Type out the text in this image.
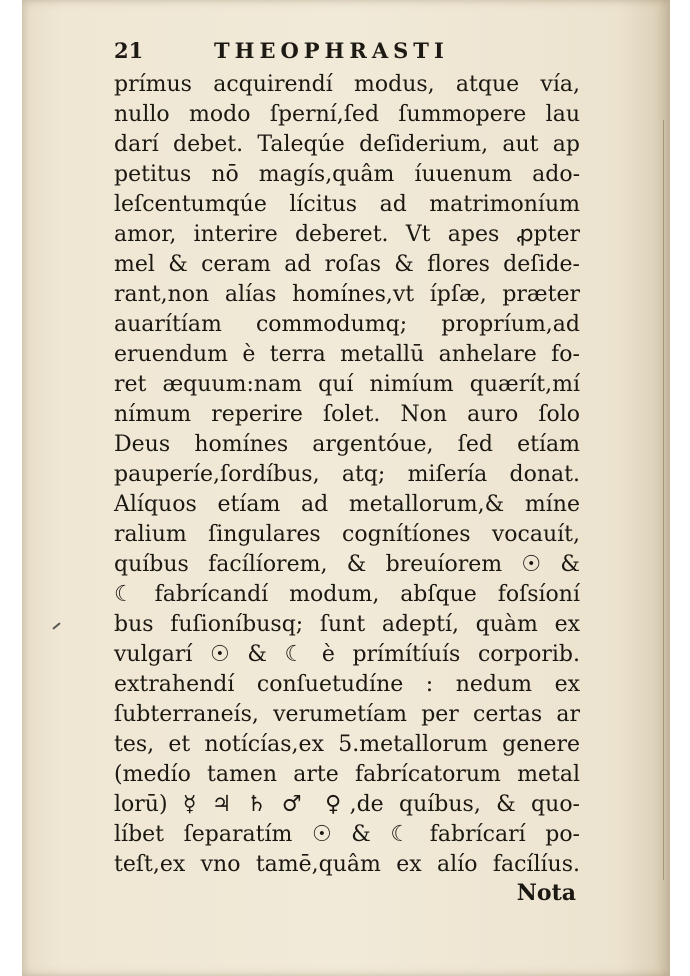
21	THEOPHRASTI
prímus acquirendí modus, atque vía,
nullo modo ſperní,ſed ſummopere lau
darí debet. Taleqúe deſiderium, aut ap
petitus nō magís,quâm íuuenum ado-
leſcentumqúe lícitus ad matrimoníum
amor, interire deberet. Vt apes ꝓpter
mel & ceram ad roſas & flores deſide-
rant,non alías homínes,vt ípſæ, præter
auarítíam commodumq; propríum,ad
eruendum è terra metallū anhelare fo-
ret æquum:nam quí nimíum quærít,mí
nímum reperire ſolet. Non auro ſolo
Deus homínes argentóue, ſed etíam
pauperíe,ſordíbus, atq; miſería donat.
Alíquos etíam ad metallorum,& míne
ralium ſingulares cognítíones vocauít,
quíbus facílíorem, & breuíorem ☉ &
☾ fabrícandí modum, abſque foſsíoní
bus fuſioníbusq; ſunt adeptí, quàm ex
vulgarí ☉ & ☾ è prímítíuís corporib.
extrahendí conſuetudíne : nedum ex
ſubterraneís, verumetíam per certas ar
tes, et notícías,ex 5.metallorum genere
(medío tamen arte fabrícatorum metal
lorū) ☿ ♃ ♄ ♂ ♀,de quíbus, & quo-
líbet ſeparatím ☉ & ☾ fabrícarí po-
teſt,ex vno tamē,quâm ex alío facílíus.
Nota
